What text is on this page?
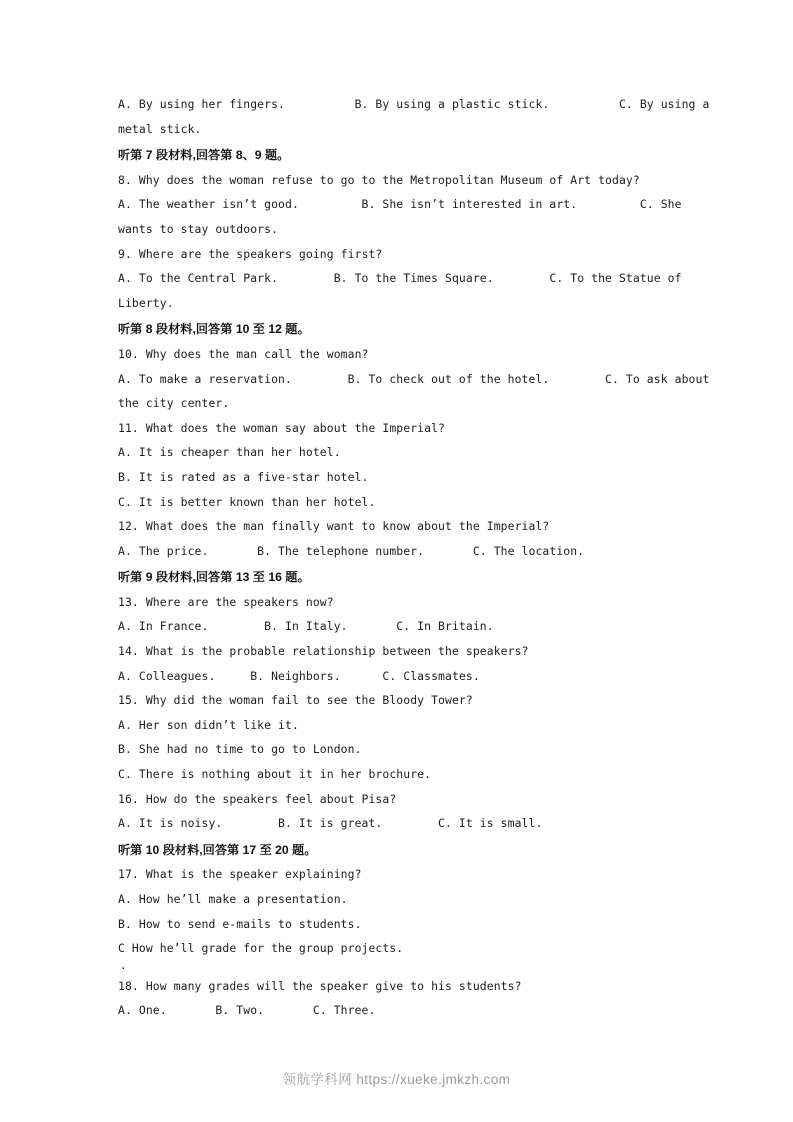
A. By using her fingers.          B. By using a plastic stick.          C. By using a
metal stick.
听第 7 段材料,回答第 8、9 题。
8. Why does the woman refuse to go to the Metropolitan Museum of Art today?
A. The weather isn’t good.         B. She isn’t interested in art.         C. She
wants to stay outdoors.
9. Where are the speakers going first?
A. To the Central Park.        B. To the Times Square.        C. To the Statue of
Liberty.
听第 8 段材料,回答第 10 至 12 题。
10. Why does the man call the woman?
A. To make a reservation.        B. To check out of the hotel.        C. To ask about
the city center.
11. What does the woman say about the Imperial?
A. It is cheaper than her hotel.
B. It is rated as a five-star hotel.
C. It is better known than her hotel.
12. What does the man finally want to know about the Imperial?
A. The price.       B. The telephone number.       C. The location.
听第 9 段材料,回答第 13 至 16 题。
13. Where are the speakers now?
A. In France.        B. In Italy.       C. In Britain.
14. What is the probable relationship between the speakers?
A. Colleagues.     B. Neighbors.      C. Classmates.
15. Why did the woman fail to see the Bloody Tower?
A. Her son didn’t like it.
B. She had no time to go to London.
C. There is nothing about it in her brochure.
16. How do the speakers feel about Pisa?
A. It is noisy.        B. It is great.        C. It is small.
听第 10 段材料,回答第 17 至 20 题。
17. What is the speaker explaining?
A. How he’ll make a presentation.
B. How to send e-mails to students.
C How he’ll grade for the group projects.
.
18. How many grades will the speaker give to his students?
A. One.       B. Two.       C. Three.
领航学科网 https://xueke.jmkzh.com
